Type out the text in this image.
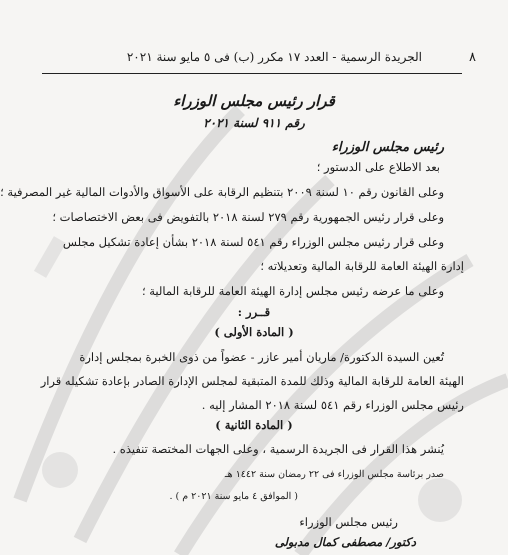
٨
الجريدة الرسمية - العدد ١٧ مكرر (ب) فى ٥ مايو سنة ٢٠٢١
قرار رئيس مجلس الوزراء
رقم ٩١١ لسنة ٢٠٢١
رئيس مجلس الوزراء
بعد الاطلاع على الدستور ؛
وعلى القانون رقم ١٠ لسنة ٢٠٠٩ بتنظيم الرقابة على الأسواق والأدوات المالية غير المصرفية ؛
وعلى قرار رئيس الجمهورية رقم ٢٧٩ لسنة ٢٠١٨ بالتفويض فى بعض الاختصاصات ؛
وعلى قرار رئيس مجلس الوزراء رقم ٥٤١ لسنة ٢٠١٨ بشأن إعادة تشكيل مجلس
إدارة الهيئة العامة للرقابة المالية وتعديلاته ؛
وعلى ما عرضه رئيس مجلس إدارة الهيئة العامة للرقابة المالية ؛
قــرر :
( المادة الأولى )
تُعين السيدة الدكتورة/ ماريان أمير عازر - عضواً من ذوى الخبرة بمجلس إدارة
الهيئة العامة للرقابة المالية وذلك للمدة المتبقية لمجلس الإدارة الصادر بإعادة تشكيله قرار
رئيس مجلس الوزراء رقم ٥٤١ لسنة ٢٠١٨ المشار إليه .
( المادة الثانية )
يُنشر هذا القرار فى الجريدة الرسمية ، وعلى الجهات المختصة تنفيذه .
صدر برئاسة مجلس الوزراء فى ٢٢ رمضان سنة ١٤٤٢ هـ
( الموافق ٤ مايو سنة ٢٠٢١ م ) .
رئيس مجلس الوزراء
دكتور/ مصطفى كمال مدبولى
